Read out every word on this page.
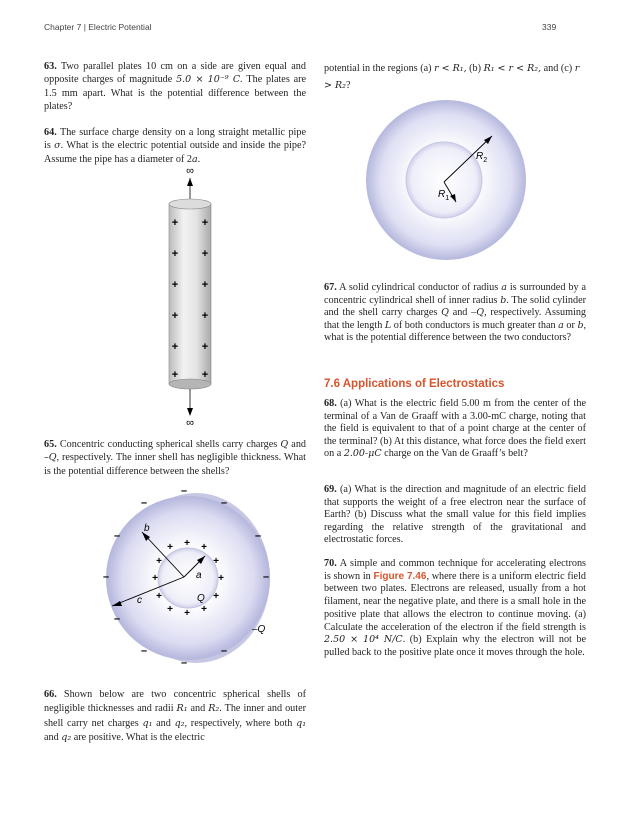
Chapter 7 | Electric Potential	339

63. Two parallel plates 10 cm on a side are given equal and opposite charges of magnitude 5.0 × 10⁻⁹ C. The plates are 1.5 mm apart. What is the potential difference between the plates?

64. The surface charge density on a long straight metallic pipe is σ. What is the electric potential outside and inside the pipe? Assume the pipe has a diameter of 2a.

∞
∞
+ +
+ +
+ +
+ +
+ +
+ +

65. Concentric conducting spherical shells carry charges Q and –Q, respectively. The inner shell has negligible thickness. What is the potential difference between the shells?

b
a
c	Q
–Q
+ + +
+	+
+	+
+	+
+ + +
–
–	–
–	–
–	–
–
–	–
–

66. Shown below are two concentric spherical shells of negligible thicknesses and radii R₁ and R₂. The inner and outer shell carry net charges q₁ and q₂, respectively, where both q₁ and q₂ are positive. What is the electric

potential in the regions (a) r < R₁, (b) R₁ < r < R₂, and (c) r > R₂?

$R_2$
$R_1$

67. A solid cylindrical conductor of radius a is surrounded by a concentric cylindrical shell of inner radius b. The solid cylinder and the shell carry charges Q and –Q, respectively. Assuming that the length L of both conductors is much greater than a or b, what is the potential difference between the two conductors?

7.6 Applications of Electrostatics

68. (a) What is the electric field 5.00 m from the center of the terminal of a Van de Graaff with a 3.00-mC charge, noting that the field is equivalent to that of a point charge at the center of the terminal? (b) At this distance, what force does the field exert on a 2.00-μC charge on the Van de Graaff’s belt?

69. (a) What is the direction and magnitude of an electric field that supports the weight of a free electron near the surface of Earth? (b) Discuss what the small value for this field implies regarding the relative strength of the gravitational and electrostatic forces.

70. A simple and common technique for accelerating electrons is shown in Figure 7.46, where there is a uniform electric field between two plates. Electrons are released, usually from a hot filament, near the negative plate, and there is a small hole in the positive plate that allows the electron to continue moving. (a) Calculate the acceleration of the electron if the field strength is 2.50 × 10⁴ N/C. (b) Explain why the electron will not be pulled back to the positive plate once it moves through the hole.
